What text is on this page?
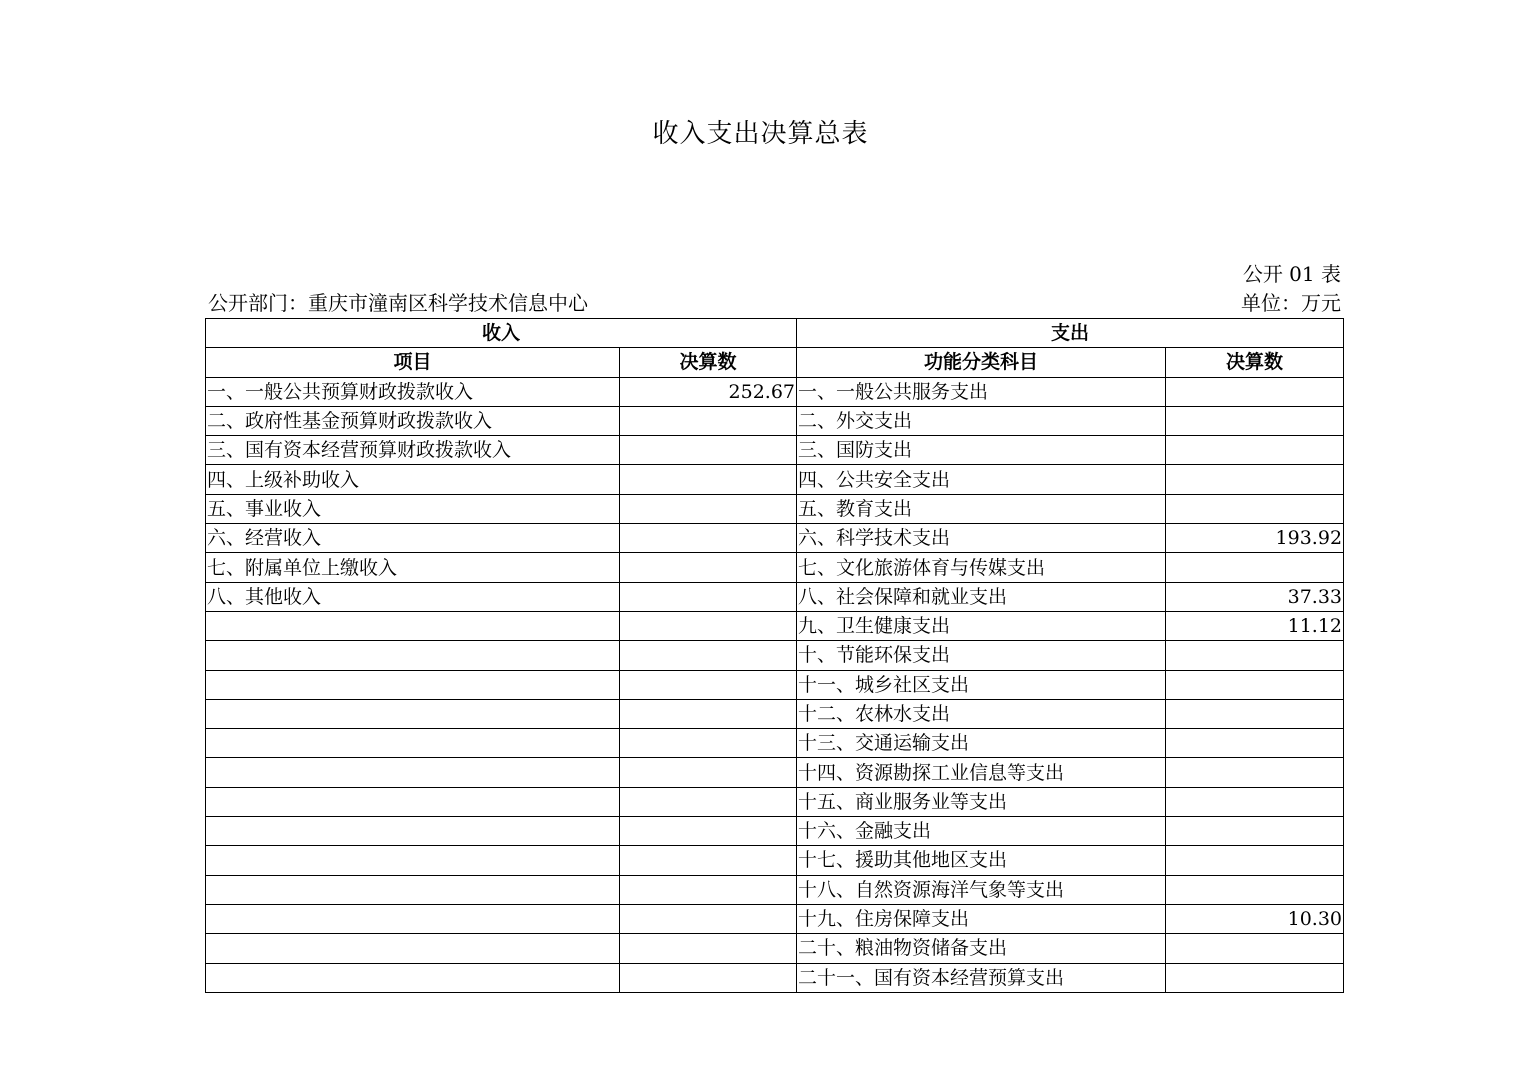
收入支出决算总表
公开 01 表
公开部门：重庆市潼南区科学技术信息中心	单位：万元
收入		支出	
项目	决算数	功能分类科目	决算数
一、一般公共预算财政拨款收入	252.67	一、一般公共服务支出	
二、政府性基金预算财政拨款收入		二、外交支出	
三、国有资本经营预算财政拨款收入		三、国防支出	
四、上级补助收入		四、公共安全支出	
五、事业收入		五、教育支出	
六、经营收入		六、科学技术支出	193.92
七、附属单位上缴收入		七、文化旅游体育与传媒支出	
八、其他收入		八、社会保障和就业支出	37.33
		九、卫生健康支出	11.12
		十、节能环保支出	
		十一、城乡社区支出	
		十二、农林水支出	
		十三、交通运输支出	
		十四、资源勘探工业信息等支出	
		十五、商业服务业等支出	
		十六、金融支出	
		十七、援助其他地区支出	
		十八、自然资源海洋气象等支出	
		十九、住房保障支出	10.30
		二十、粮油物资储备支出	
		二十一、国有资本经营预算支出	
